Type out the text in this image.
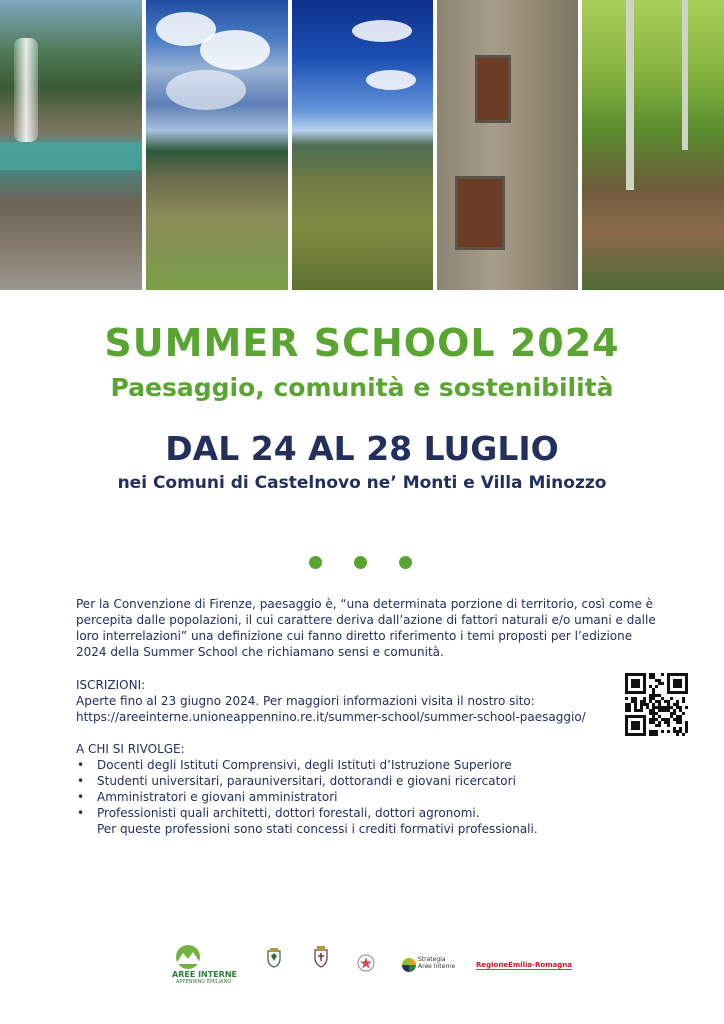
SUMMER SCHOOL 2024
Paesaggio, comunità e sostenibilità
DAL 24 AL 28 LUGLIO
nei Comuni di Castelnovo ne’ Monti e Villa Minozzo
Per la Convenzione di Firenze, paesaggio è, “una determinata porzione di territorio, così come è percepita dalle popolazioni, il cui carattere deriva dall’azione di fattori naturali e/o umani e dalle loro interrelazioni” una definizione cui fanno diretto riferimento i temi proposti per l’edizione 2024 della Summer School che richiamano sensi e comunità.
ISCRIZIONI:
Aperte fino al 23 giugno 2024. Per maggiori informazioni visita il nostro sito:
https://areeinterne.unioneappennino.re.it/summer-school/summer-school-paesaggio/
A CHI SI RIVOLGE:
• Docenti degli Istituti Comprensivi, degli Istituti d’Istruzione Superiore
• Studenti universitari, parauniversitari, dottorandi e giovani ricercatori
• Amministratori e giovani amministratori
• Professionisti quali architetti, dottori forestali, dottori agronomi.
Per queste professioni sono stati concessi i crediti formativi professionali.
AREE INTERNE
APPENNINO EMILIANO
Strategia
Aree Interne	RegioneEmilia-Romagna
